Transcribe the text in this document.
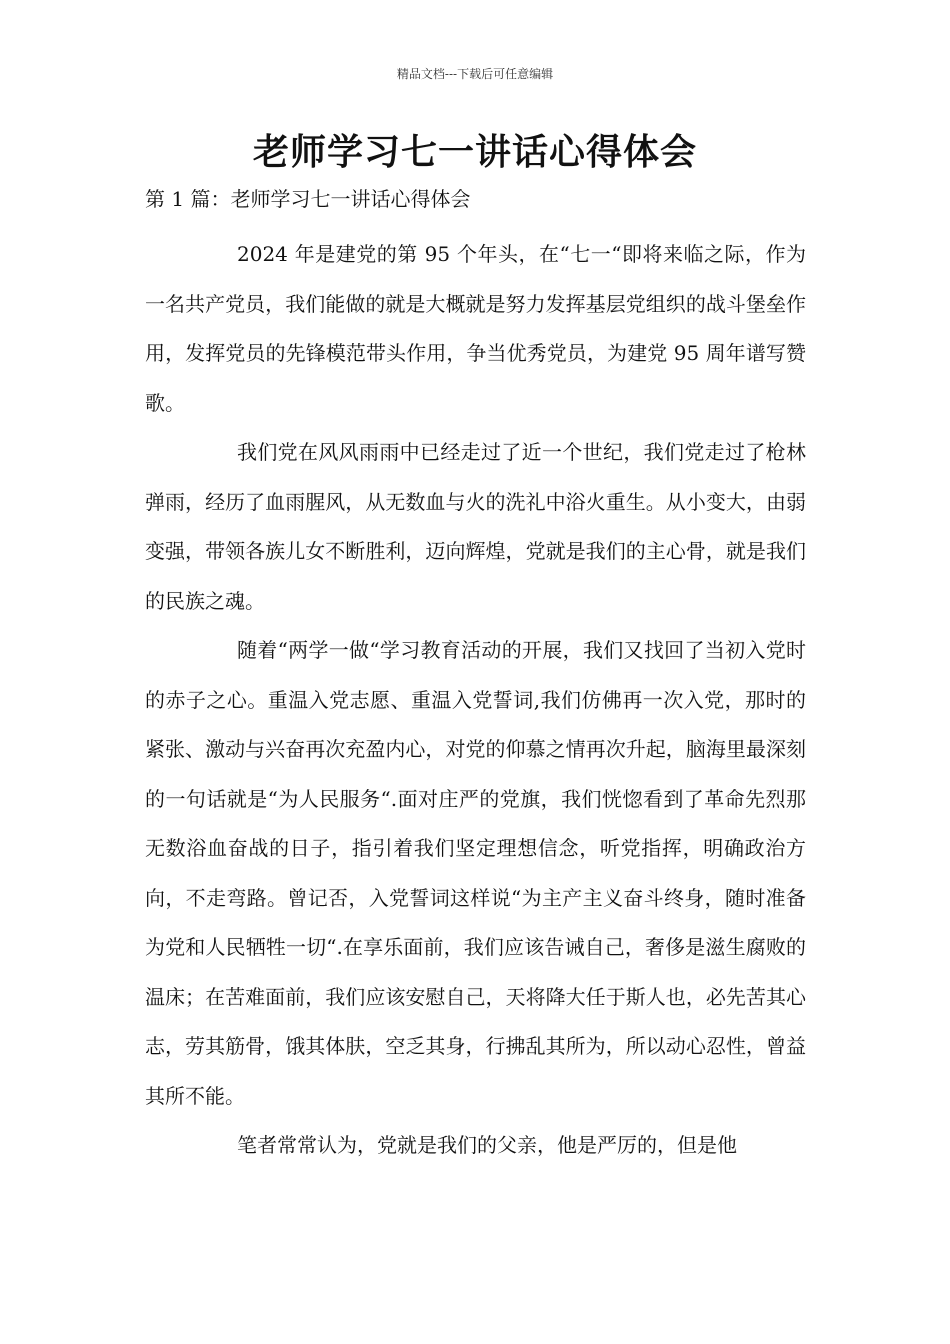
精品文档---下载后可任意编辑
老师学习七一讲话心得体会
第 1 篇：老师学习七一讲话心得体会

2024 年是建党的第 95 个年头，在“七一“即将来临之际，作为一名共产党员，我们能做的就是大概就是努力发挥基层党组织的战斗堡垒作用，发挥党员的先锋模范带头作用，争当优秀党员，为建党 95 周年谱写赞歌。

我们党在风风雨雨中已经走过了近一个世纪，我们党走过了枪林弹雨，经历了血雨腥风，从无数血与火的洗礼中浴火重生。从小变大，由弱变强，带领各族儿女不断胜利，迈向辉煌，党就是我们的主心骨，就是我们的民族之魂。

随着“两学一做“学习教育活动的开展，我们又找回了当初入党时的赤子之心。重温入党志愿、重温入党誓词,我们仿佛再一次入党，那时的紧张、激动与兴奋再次充盈内心，对党的仰慕之情再次升起，脑海里最深刻的一句话就是“为人民服务“.面对庄严的党旗，我们恍惚看到了革命先烈那无数浴血奋战的日子，指引着我们坚定理想信念，听党指挥，明确政治方向，不走弯路。曾记否，入党誓词这样说“为主产主义奋斗终身，随时准备为党和人民牺牲一切“.在享乐面前，我们应该告诫自己，奢侈是滋生腐败的温床；在苦难面前，我们应该安慰自己，天将降大任于斯人也，必先苦其心志，劳其筋骨，饿其体肤，空乏其身，行拂乱其所为，所以动心忍性，曾益其所不能。

笔者常常认为，党就是我们的父亲，他是严厉的，但是他
